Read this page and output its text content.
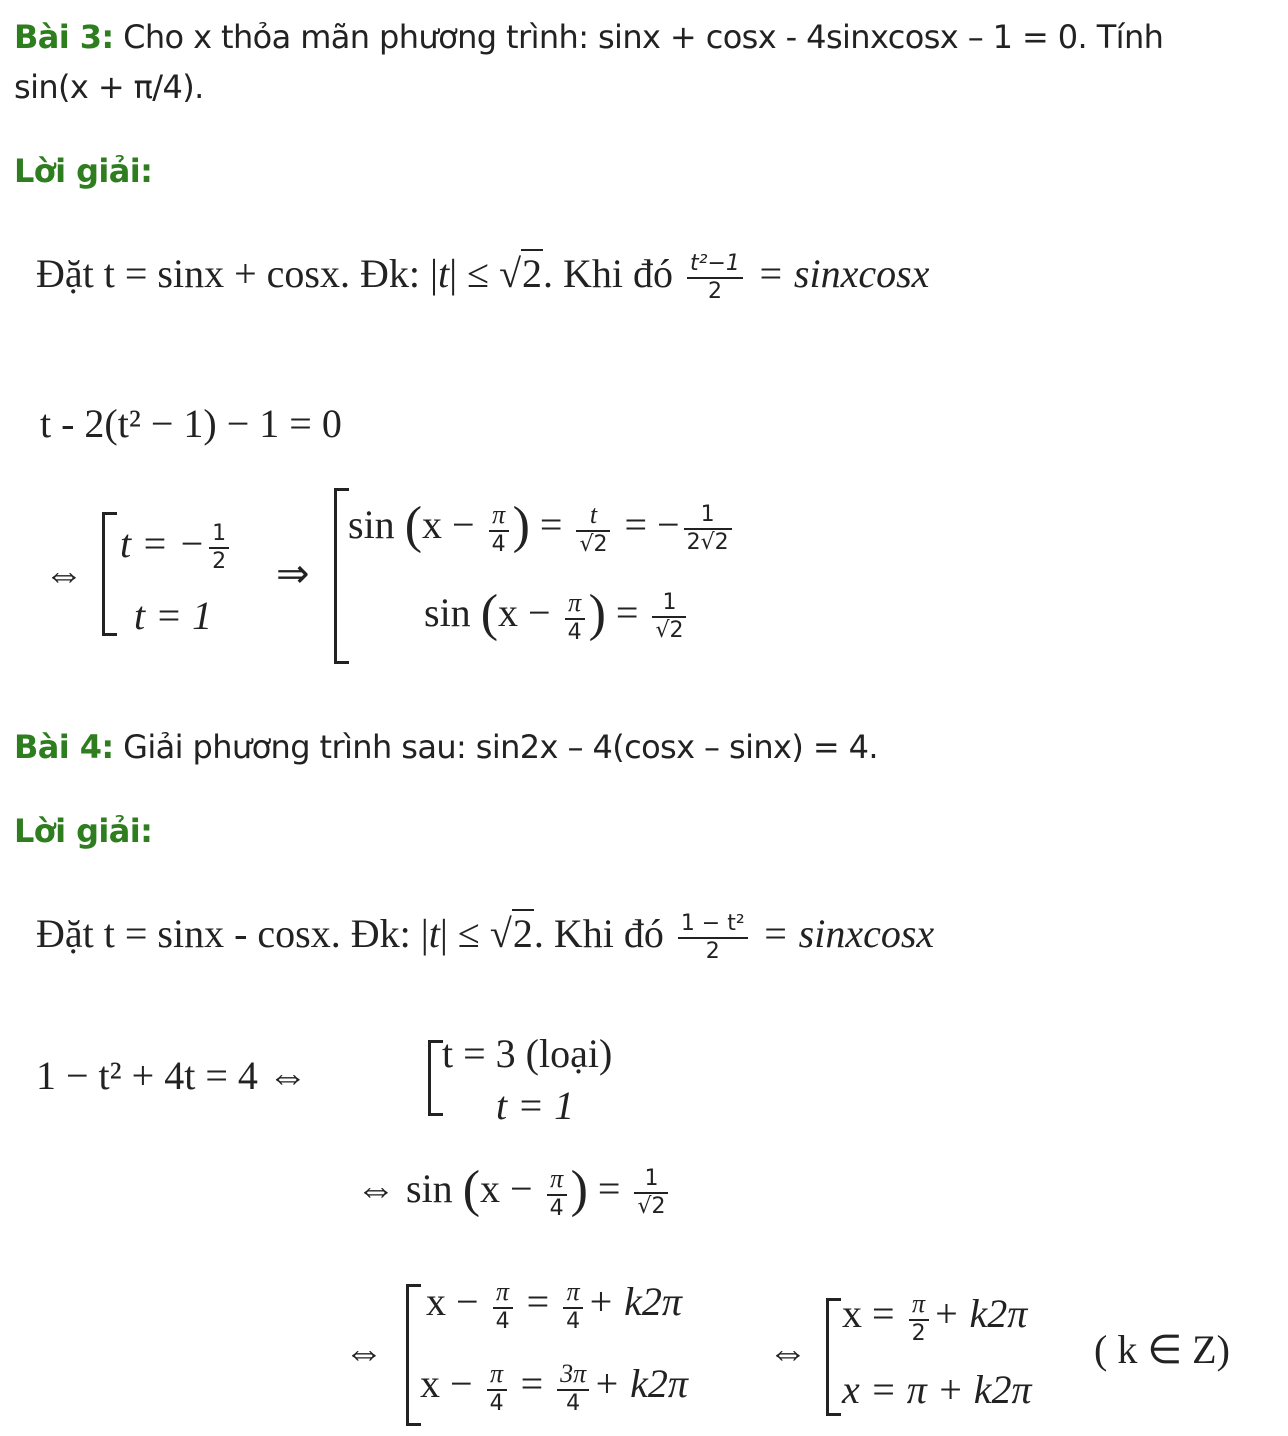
Bài 3: Cho x thỏa mãn phương trình: sinx + cosx - 4sinxcosx – 1 = 0. Tính
sin(x + π/4).
Lời giải:
Đặt t = sinx + cosx. Đk: |t| ≤ √2. Khi đó $\frac{\text{t²−1}}{2}$ = sinxcosx
t - 2(t² − 1) − 1 = 0
⇔
t = − $\frac{1}{2}$
⇒
t = 1
$\sin (x - \frac{\pi}{4}$ ) = $\frac{t}{√2}$ = − $\frac{1}{2√2}$
$\sin (x - \frac{\pi}{4}$ ) = $\frac{1}{√2}$
Bài 4: Giải phương trình sau: sin2x – 4(cosx – sinx) = 4.
Lời giải:
Đặt t = sinx - cosx. Đk: |t| ≤ √2. Khi đó $\frac{\text{1 − t²}}{2}$ = sinxcosx
1 − t² + 4t = 4 ⇔	t = 3 (loại)
t = 1
⇔ $\sin (x - \frac{\pi}{4}$ ) = $\frac{1}{√2}$
⇔
$x - \frac{\pi}{4} = \frac{\pi}{4} + k2\pi$
$x - \frac{\pi}{4} = \frac{3\pi}{4} + k2\pi$
⇔
$x = \frac{\pi}{2} + k2\pi$
x = π + k2π
( k ∈ Z)
